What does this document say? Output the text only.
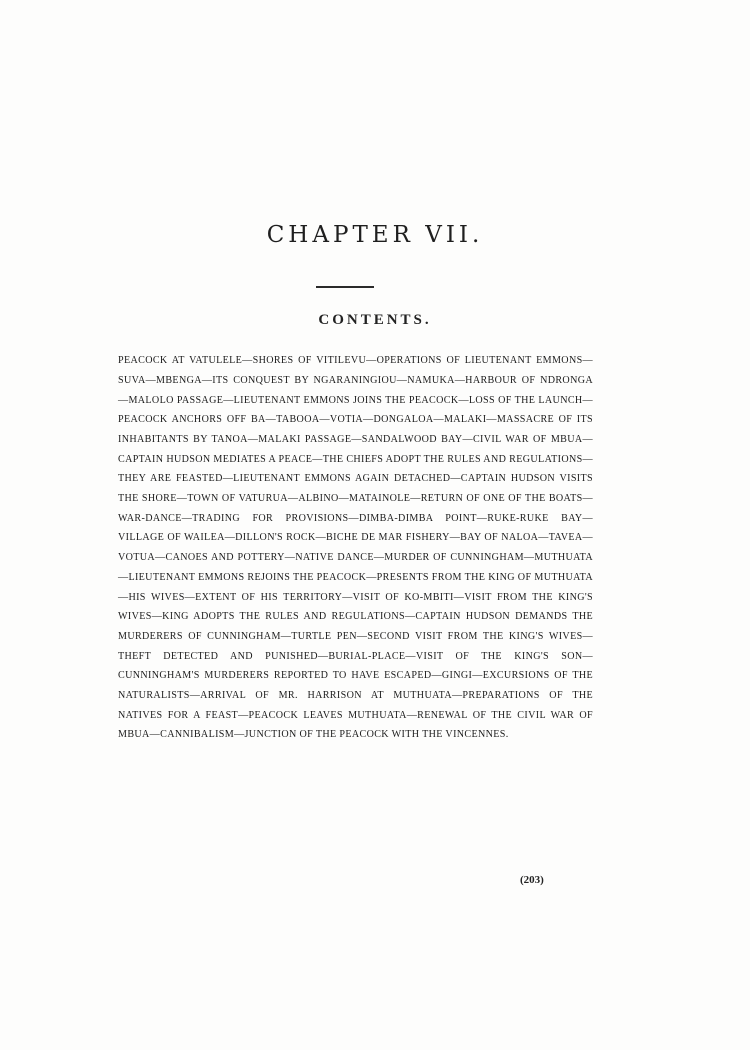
CHAPTER VII.
CONTENTS.

PEACOCK AT VATULELE—SHORES OF VITILEVU—OPERATIONS OF LIEUTENANT EMMONS—SUVA—MBENGA—ITS CONQUEST BY NGARANINGIOU—NAMUKA—HARBOUR OF NDRONGA—MALOLO PASSAGE—LIEUTENANT EMMONS JOINS THE PEACOCK—LOSS OF THE LAUNCH—PEACOCK ANCHORS OFF BA—TABOOA—VOTIA—DONGALOA—MALAKI—MASSACRE OF ITS INHABITANTS BY TANOA—MALAKI PASSAGE—SANDALWOOD BAY—CIVIL WAR OF MBUA—CAPTAIN HUDSON MEDIATES A PEACE—THE CHIEFS ADOPT THE RULES AND REGULATIONS—THEY ARE FEASTED—LIEUTENANT EMMONS AGAIN DETACHED—CAPTAIN HUDSON VISITS THE SHORE—TOWN OF VATURUA—ALBINO—MATAINOLE—RETURN OF ONE OF THE BOATS—WAR-DANCE—TRADING FOR PROVISIONS—DIMBA-DIMBA POINT—RUKE-RUKE BAY—VILLAGE OF WAILEA—DILLON'S ROCK—BICHE DE MAR FISHERY—BAY OF NALOA—TAVEA—VOTUA—CANOES AND POTTERY—NATIVE DANCE—MURDER OF CUNNINGHAM—MUTHUATA—LIEUTENANT EMMONS REJOINS THE PEACOCK—PRESENTS FROM THE KING OF MUTHUATA—HIS WIVES—EXTENT OF HIS TERRITORY—VISIT OF KO-MBITI—VISIT FROM THE KING'S WIVES—KING ADOPTS THE RULES AND REGULATIONS—CAPTAIN HUDSON DEMANDS THE MURDERERS OF CUNNINGHAM—TURTLE PEN—SECOND VISIT FROM THE KING'S WIVES—THEFT DETECTED AND PUNISHED—BURIAL-PLACE—VISIT OF THE KING'S SON—CUNNINGHAM'S MURDERERS REPORTED TO HAVE ESCAPED—GINGI—EXCURSIONS OF THE NATURALISTS—ARRIVAL OF MR. HARRISON AT MUTHUATA—PREPARATIONS OF THE NATIVES FOR A FEAST—PEACOCK LEAVES MUTHUATA—RENEWAL OF THE CIVIL WAR OF MBUA—CANNIBALISM—JUNCTION OF THE PEACOCK WITH THE VINCENNES.

(203)
